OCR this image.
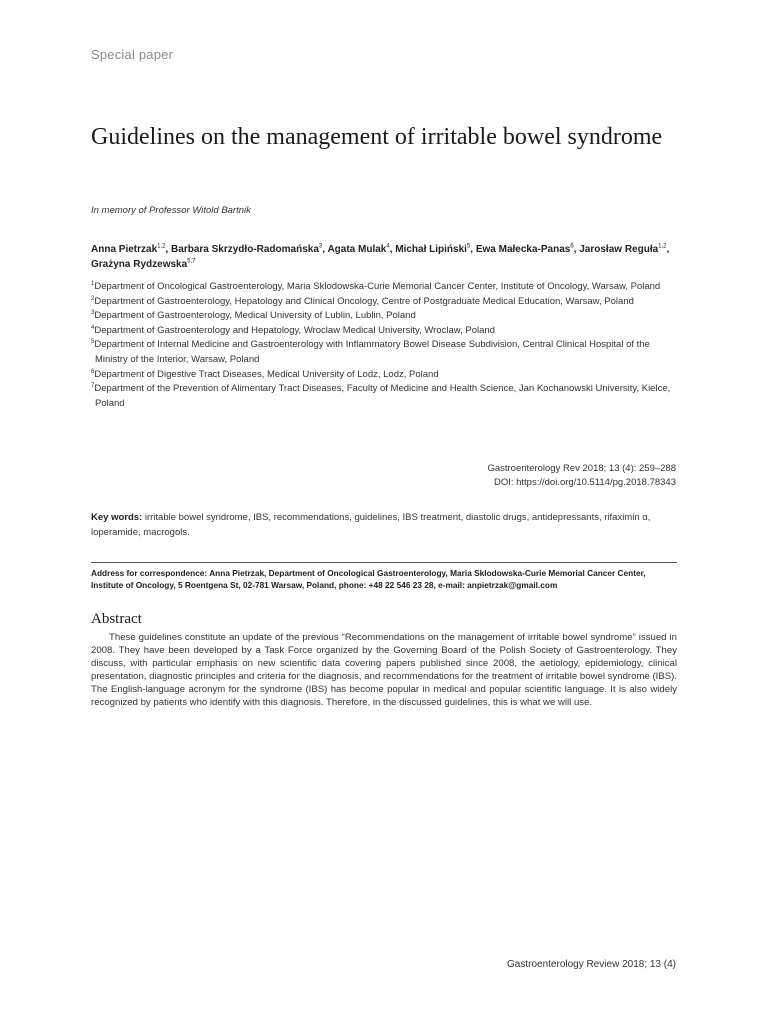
Special paper
Guidelines on the management of irritable bowel syndrome
In memory of Professor Witold Bartnik
Anna Pietrzak$^{1,2}$, Barbara Skrzydło-Radomańska$^3$, Agata Mulak$^4$, Michał Lipiński$^5$, Ewa Małecka-Panas$^6$, Jarosław Reguła$^{1,2}$, Grażyna Rydzewska$^{5,7}$
$^1$Department of Oncological Gastroenterology, Maria Sklodowska-Curie Memorial Cancer Center, Institute of Oncology, Warsaw, Poland
$^2$Department of Gastroenterology, Hepatology and Clinical Oncology, Centre of Postgraduate Medical Education, Warsaw, Poland
$^3$Department of Gastroenterology, Medical University of Lublin, Lublin, Poland
$^4$Department of Gastroenterology and Hepatology, Wroclaw Medical University, Wroclaw, Poland
$^5$Department of Internal Medicine and Gastroenterology with Inflammatory Bowel Disease Subdivision, Central Clinical Hospital of the Ministry of the Interior, Warsaw, Poland
$^6$Department of Digestive Tract Diseases, Medical University of Lodz, Lodz, Poland
$^7$Department of the Prevention of Alimentary Tract Diseases, Faculty of Medicine and Health Science, Jan Kochanowski University, Kielce, Poland
Gastroenterology Rev 2018; 13 (4): 259–288
DOI: https://doi.org/10.5114/pg.2018.78343
Key words: irritable bowel syndrome, IBS, recommendations, guidelines, IBS treatment, diastolic drugs, antidepressants, rifaximin α, loperamide, macrogols.
Address for correspondence: Anna Pietrzak, Department of Oncological Gastroenterology, Maria Sklodowska-Curie Memorial Cancer Center, Institute of Oncology, 5 Roentgena St, 02-781 Warsaw, Poland, phone: +48 22 546 23 28, e-mail: anpietrzak@gmail.com
Abstract

These guidelines constitute an update of the previous “Recommendations on the management of irritable bowel syndrome” issued in 2008. They have been developed by a Task Force organized by the Governing Board of the Polish Society of Gastroenterology. They discuss, with particular emphasis on new scientific data covering papers published since 2008, the aetiology, epidemiology, clinical presentation, diagnostic principles and criteria for the diagnosis, and recommendations for the treatment of irritable bowel syndrome (IBS). The English-language acronym for the syndrome (IBS) has become popular in medical and popular scientific language. It is also widely recognized by patients who identify with this diagnosis. Therefore, in the discussed guidelines, this is what we will use.

Gastroenterology Review 2018; 13 (4)
